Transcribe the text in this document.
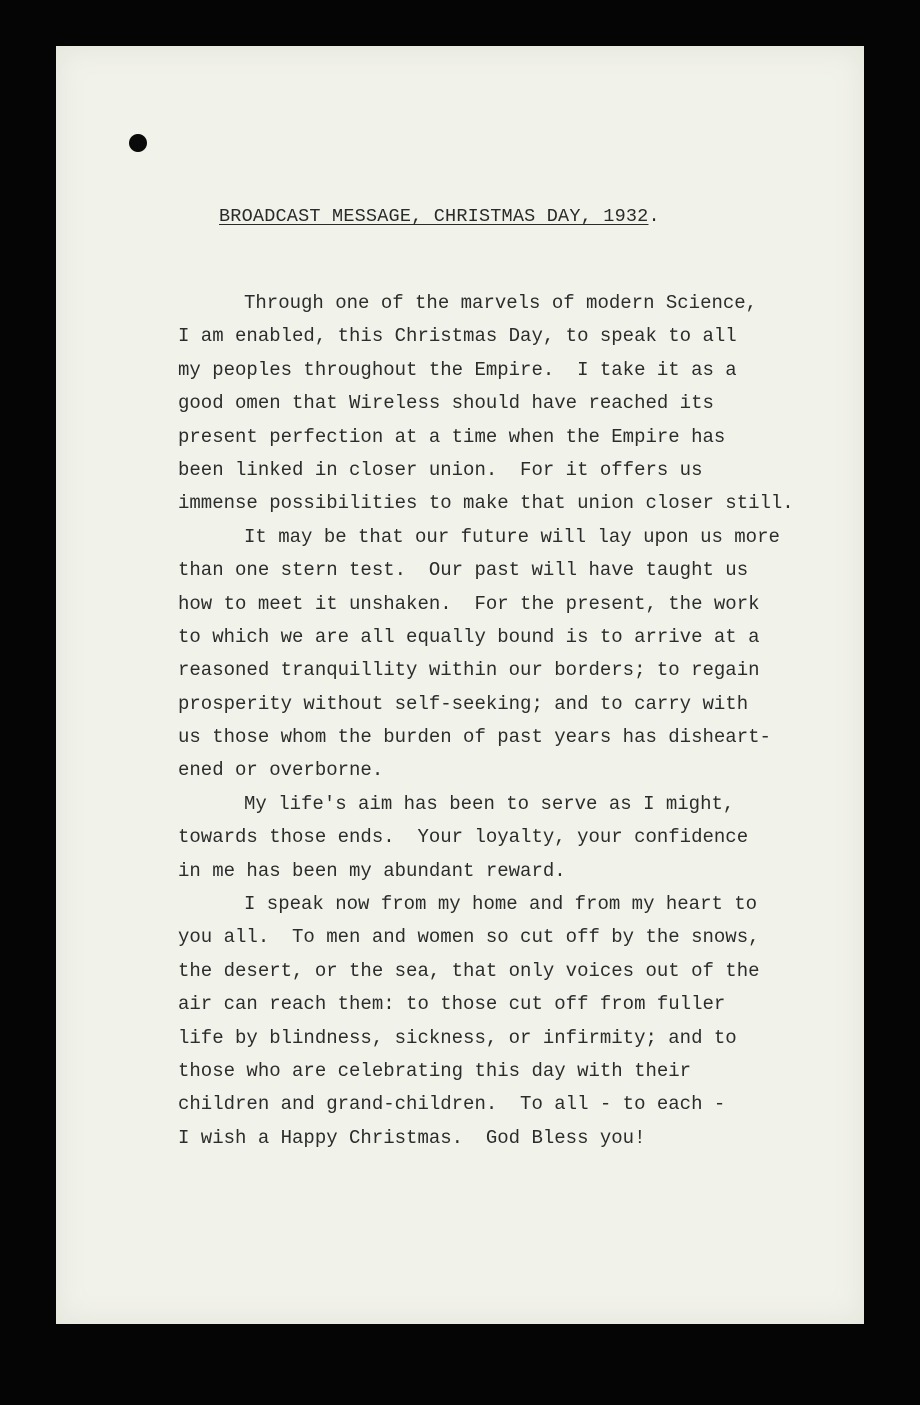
BROADCAST MESSAGE, CHRISTMAS DAY, 1932.
Through one of the marvels of modern Science,
I am enabled, this Christmas Day, to speak to all
my peoples throughout the Empire.  I take it as a
good omen that Wireless should have reached its
present perfection at a time when the Empire has
been linked in closer union.  For it offers us
immense possibilities to make that union closer still.
It may be that our future will lay upon us more
than one stern test.  Our past will have taught us
how to meet it unshaken.  For the present, the work
to which we are all equally bound is to arrive at a
reasoned tranquillity within our borders; to regain
prosperity without self-seeking; and to carry with
us those whom the burden of past years has disheart-
ened or overborne.
My life's aim has been to serve as I might,
towards those ends.  Your loyalty, your confidence
in me has been my abundant reward.
I speak now from my home and from my heart to
you all.  To men and women so cut off by the snows,
the desert, or the sea, that only voices out of the
air can reach them: to those cut off from fuller
life by blindness, sickness, or infirmity; and to
those who are celebrating this day with their
children and grand-children.  To all - to each -
I wish a Happy Christmas.  God Bless you!
